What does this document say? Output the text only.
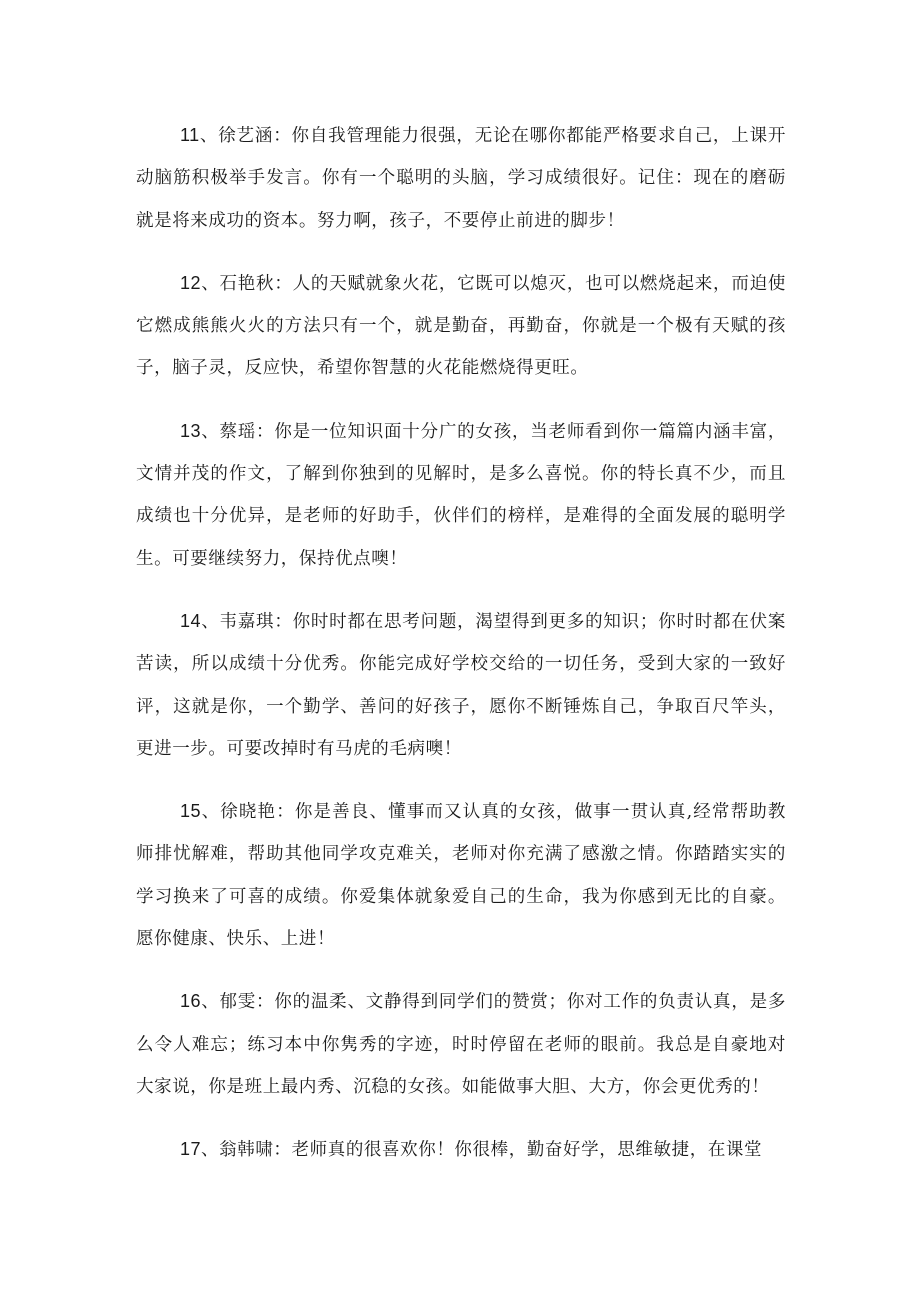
11、徐艺涵：你自我管理能力很强，无论在哪你都能严格要求自己，上课开动脑筋积极举手发言。你有一个聪明的头脑，学习成绩很好。记住：现在的磨砺就是将来成功的资本。努力啊，孩子，不要停止前进的脚步！

12、石艳秋：人的天赋就象火花，它既可以熄灭，也可以燃烧起来，而迫使它燃成熊熊火火的方法只有一个，就是勤奋，再勤奋，你就是一个极有天赋的孩子，脑子灵，反应快，希望你智慧的火花能燃烧得更旺。

13、蔡瑶：你是一位知识面十分广的女孩，当老师看到你一篇篇内涵丰富，文情并茂的作文，了解到你独到的见解时，是多么喜悦。你的特长真不少，而且成绩也十分优异，是老师的好助手，伙伴们的榜样，是难得的全面发展的聪明学生。可要继续努力，保持优点噢！

14、韦嘉琪：你时时都在思考问题，渴望得到更多的知识；你时时都在伏案苦读，所以成绩十分优秀。你能完成好学校交给的一切任务，受到大家的一致好评，这就是你，一个勤学、善问的好孩子，愿你不断锤炼自己，争取百尺竿头，更进一步。可要改掉时有马虎的毛病噢！

15、徐晓艳：你是善良、懂事而又认真的女孩，做事一贯认真,经常帮助教师排忧解难，帮助其他同学攻克难关，老师对你充满了感激之情。你踏踏实实的学习换来了可喜的成绩。你爱集体就象爱自己的生命，我为你感到无比的自豪。愿你健康、快乐、上进！

16、郁雯：你的温柔、文静得到同学们的赞赏；你对工作的负责认真，是多么令人难忘；练习本中你隽秀的字迹，时时停留在老师的眼前。我总是自豪地对大家说，你是班上最内秀、沉稳的女孩。如能做事大胆、大方，你会更优秀的！

17、翁韩啸：老师真的很喜欢你！你很棒，勤奋好学，思维敏捷，在课堂
